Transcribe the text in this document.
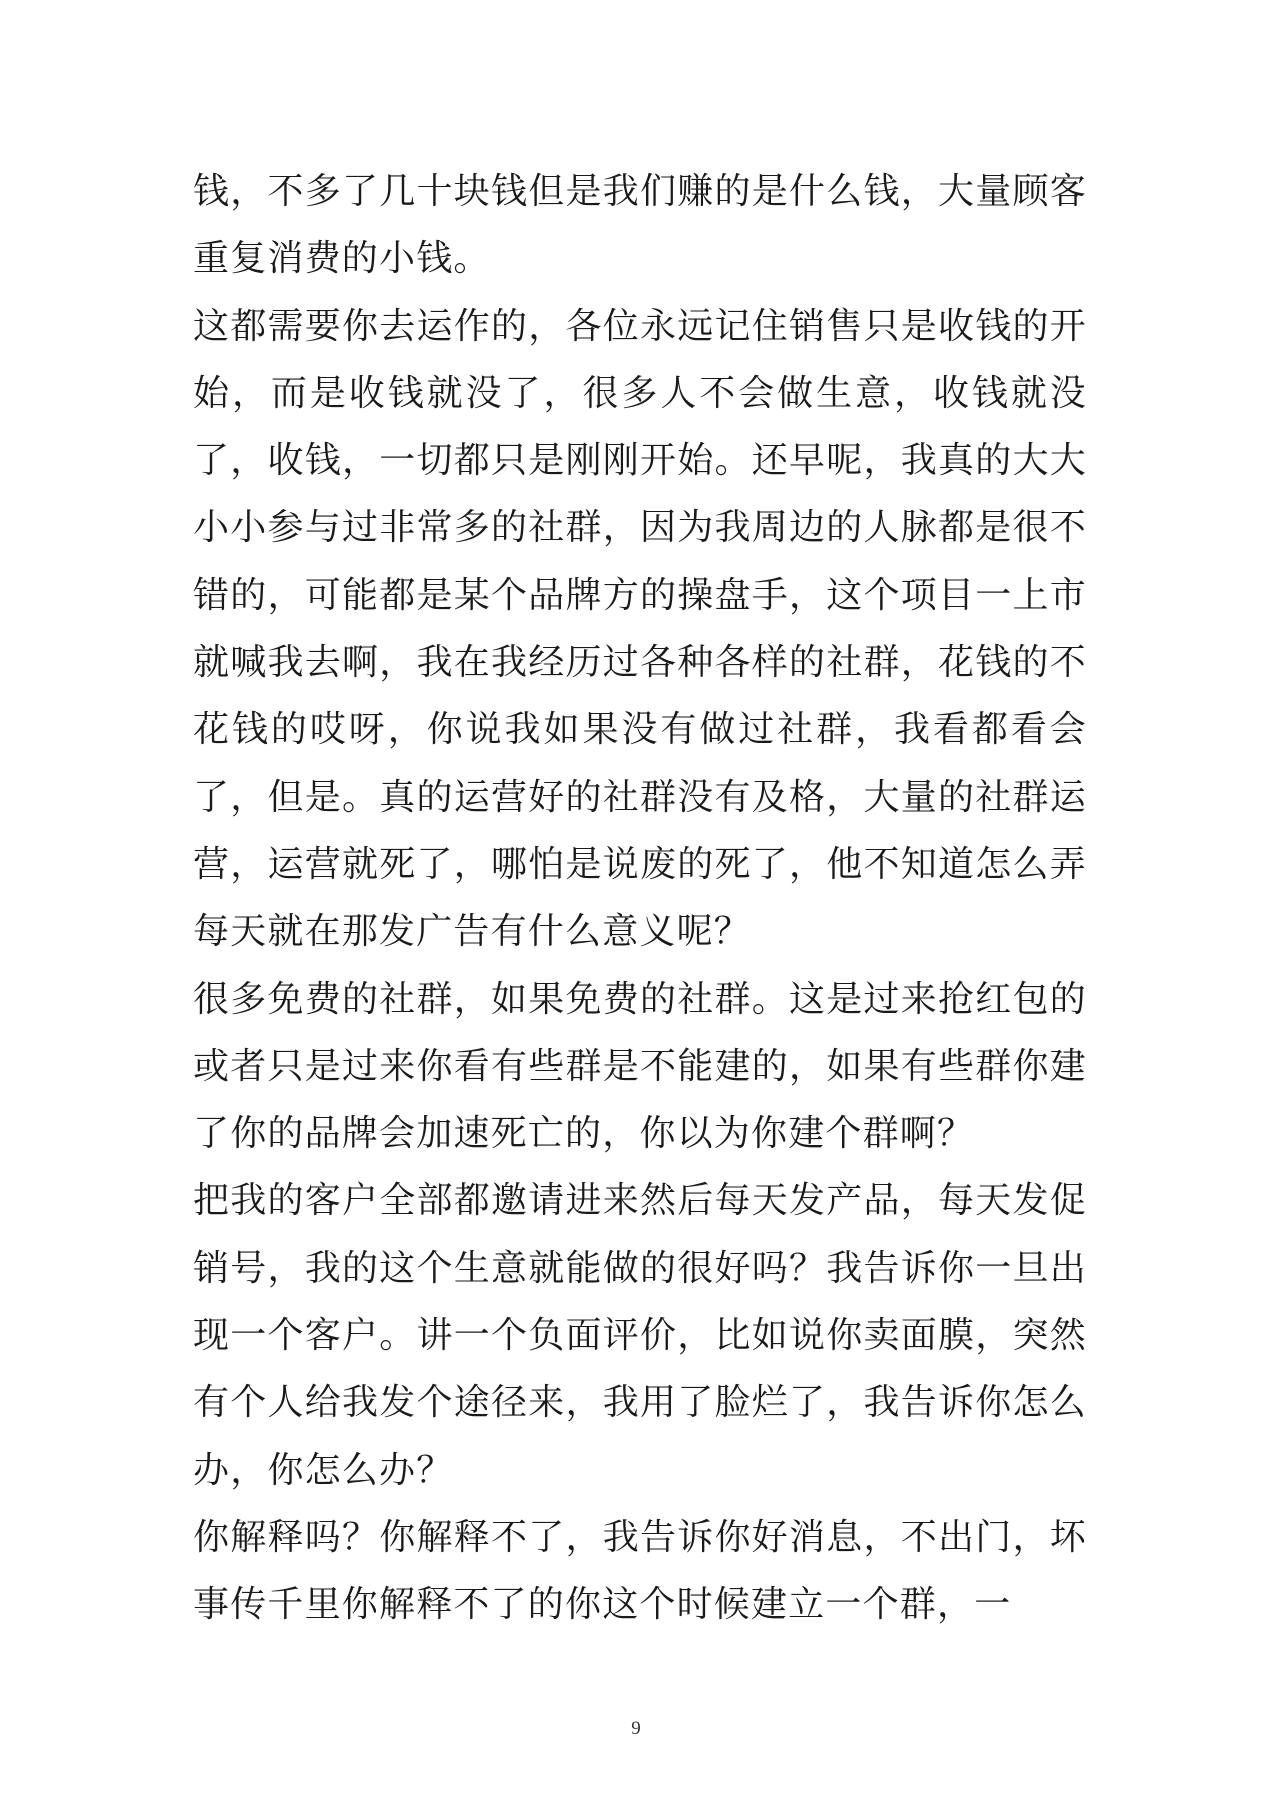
钱，不多了几十块钱但是我们赚的是什么钱，大量顾客重复消费的小钱。

这都需要你去运作的，各位永远记住销售只是收钱的开始，而是收钱就没了，很多人不会做生意，收钱就没了，收钱，一切都只是刚刚开始。还早呢，我真的大大小小参与过非常多的社群，因为我周边的人脉都是很不错的，可能都是某个品牌方的操盘手，这个项目一上市就喊我去啊，我在我经历过各种各样的社群，花钱的不花钱的哎呀，你说我如果没有做过社群，我看都看会了，但是。真的运营好的社群没有及格，大量的社群运营，运营就死了，哪怕是说废的死了，他不知道怎么弄每天就在那发广告有什么意义呢？

很多免费的社群，如果免费的社群。这是过来抢红包的或者只是过来你看有些群是不能建的，如果有些群你建了你的品牌会加速死亡的，你以为你建个群啊？

把我的客户全部都邀请进来然后每天发产品，每天发促销号，我的这个生意就能做的很好吗？我告诉你一旦出现一个客户。讲一个负面评价，比如说你卖面膜，突然有个人给我发个途径来，我用了脸烂了，我告诉你怎么办，你怎么办？

你解释吗？你解释不了，我告诉你好消息，不出门，坏事传千里你解释不了的你这个时候建立一个群，一

9
